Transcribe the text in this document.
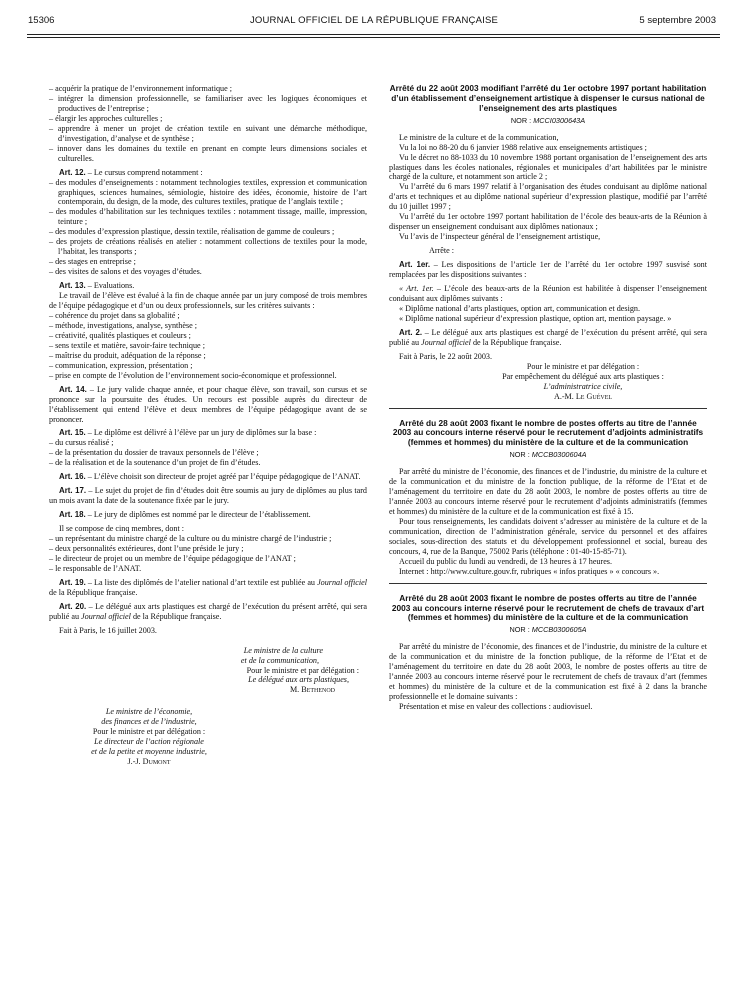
15306	JOURNAL OFFICIEL DE LA RÉPUBLIQUE FRANÇAISE	5 septembre 2003

– acquérir la pratique de l’environnement informatique ;

– intégrer la dimension professionnelle, se familiariser avec les logiques économiques et productives de l’entreprise ;

– élargir les approches culturelles ;

– apprendre à mener un projet de création textile en suivant une démarche méthodique, d’investigation, d’analyse et de synthèse ;

– innover dans les domaines du textile en prenant en compte leurs dimensions sociales et culturelles.

Art. 12. – Le cursus comprend notamment :

– des modules d’enseignements : notamment technologies textiles, expression et communication graphiques, sciences humaines, sémiologie, histoire des idées, économie, histoire de l’art contemporain, du design, de la mode, des cultures textiles, pratique de l’anglais textile ;

– des modules d’habilitation sur les techniques textiles : notamment tissage, maille, impression, teinture ;

– des modules d’expression plastique, dessin textile, réalisation de gamme de couleurs ;

– des projets de créations réalisés en atelier : notamment collections de textiles pour la mode, l’habitat, les transports ;

– des stages en entreprise ;

– des visites de salons et des voyages d’études.

Art. 13. – Evaluations.

Le travail de l’élève est évalué à la fin de chaque année par un jury composé de trois membres de l’équipe pédagogique et d’un ou deux professionnels, sur les critères suivants :

– cohérence du projet dans sa globalité ;

– méthode, investigations, analyse, synthèse ;

– créativité, qualités plastiques et couleurs ;

– sens textile et matière, savoir-faire technique ;

– maîtrise du produit, adéquation de la réponse ;

– communication, expression, présentation ;

– prise en compte de l’évolution de l’environnement socio-économique et professionnel.

Art. 14. – Le jury valide chaque année, et pour chaque élève, son travail, son cursus et se prononce sur la poursuite des études. Un recours est possible auprès du directeur de l’établissement qui entend l’élève et deux membres de l’équipe pédagogique avant de se prononcer.

Art. 15. – Le diplôme est délivré à l’élève par un jury de diplômes sur la base :

– du cursus réalisé ;

– de la présentation du dossier de travaux personnels de l’élève ;

– de la réalisation et de la soutenance d’un projet de fin d’études.

Art. 16. – L’élève choisit son directeur de projet agréé par l’équipe pédagogique de l’ANAT.

Art. 17. – Le sujet du projet de fin d’études doit être soumis au jury de diplômes au plus tard un mois avant la date de la soutenance fixée par le jury.

Art. 18. – Le jury de diplômes est nommé par le directeur de l’établissement.

Il se compose de cinq membres, dont :

– un représentant du ministre chargé de la culture ou du ministre chargé de l’industrie ;

– deux personnalités extérieures, dont l’une préside le jury ;

– le directeur de projet ou un membre de l’équipe pédagogique de l’ANAT ;

– le responsable de l’ANAT.

Art. 19. – La liste des diplômés de l’atelier national d’art textile est publiée au Journal officiel de la République française.

Art. 20. – Le délégué aux arts plastiques est chargé de l’exécution du présent arrêté, qui sera publié au Journal officiel de la République française.

Fait à Paris, le 16 juillet 2003.

Le ministre de la culture

et de la communication,

Pour le ministre et par délégation :

Le délégué aux arts plastiques,

M. Bethenod

Le ministre de l’économie,

des finances et de l’industrie,

Pour le ministre et par délégation :

Le directeur de l’action régionale

et de la petite et moyenne industrie,

J.-J. Dumont

Arrêté du 22 août 2003 modifiant l’arrêté du 1er octobre 1997 portant habilitation d’un établissement d’enseignement artistique à dispenser le cursus national de l’enseignement des arts plastiques

NOR : MCCI0300643A

Le ministre de la culture et de la communication,

Vu la loi no 88-20 du 6 janvier 1988 relative aux enseignements artistiques ;

Vu le décret no 88-1033 du 10 novembre 1988 portant organisation de l’enseignement des arts plastiques dans les écoles nationales, régionales et municipales d’art habilitées par le ministre chargé de la culture, et notamment son article 2 ;

Vu l’arrêté du 6 mars 1997 relatif à l’organisation des études conduisant au diplôme national d’arts et techniques et au diplôme national supérieur d’expression plastique, modifié par l’arrêté du 10 juillet 1997 ;

Vu l’arrêté du 1er octobre 1997 portant habilitation de l’école des beaux-arts de la Réunion à dispenser un enseignement conduisant aux diplômes nationaux ;

Vu l’avis de l’inspecteur général de l’enseignement artistique,

Arrête :

Art. 1er. – Les dispositions de l’article 1er de l’arrêté du 1er octobre 1997 susvisé sont remplacées par les dispositions suivantes :

« Art. 1er. – L’école des beaux-arts de la Réunion est habilitée à dispenser l’enseignement conduisant aux diplômes suivants :

« Diplôme national d’arts plastiques, option art, communication et design.

« Diplôme national supérieur d’expression plastique, option art, mention paysage. »

Art. 2. – Le délégué aux arts plastiques est chargé de l’exécution du présent arrêté, qui sera publié au Journal officiel de la République française.

Fait à Paris, le 22 août 2003.

Pour le ministre et par délégation :

Par empêchement du délégué aux arts plastiques :

L’administratrice civile,

A.-M. Le Guével

Arrêté du 28 août 2003 fixant le nombre de postes offerts au titre de l’année 2003 au concours interne réservé pour le recrutement d’adjoints administratifs (femmes et hommes) du ministère de la culture et de la communication

NOR : MCCB0300604A

Par arrêté du ministre de l’économie, des finances et de l’industrie, du ministre de la culture et de la communication et du ministre de la fonction publique, de la réforme de l’Etat et de l’aménagement du territoire en date du 28 août 2003, le nombre de postes offerts au titre de l’année 2003 au concours interne réservé pour le recrutement d’adjoints administratifs (femmes et hommes) du ministère de la culture et de la communication est fixé à 15.

Pour tous renseignements, les candidats doivent s’adresser au ministère de la culture et de la communication, direction de l’administration générale, service du personnel et des affaires sociales, sous-direction des statuts et du développement professionnel et social, bureau des concours, 4, rue de la Banque, 75002 Paris (téléphone : 01-40-15-85-71).

Accueil du public du lundi au vendredi, de 13 heures à 17 heures.

Internet : http://www.culture.gouv.fr, rubriques « infos pratiques » « concours ».

Arrêté du 28 août 2003 fixant le nombre de postes offerts au titre de l’année 2003 au concours interne réservé pour le recrutement de chefs de travaux d’art (femmes et hommes) du ministère de la culture et de la communication

NOR : MCCB0300605A

Par arrêté du ministre de l’économie, des finances et de l’industrie, du ministre de la culture et de la communication et du ministre de la fonction publique, de la réforme de l’Etat et de l’aménagement du territoire en date du 28 août 2003, le nombre de postes offerts au titre de l’année 2003 au concours interne réservé pour le recrutement de chefs de travaux d’art (femmes et hommes) du ministère de la culture et de la communication est fixé à 2 dans la branche professionnelle et le domaine suivants :

Présentation et mise en valeur des collections : audiovisuel.
